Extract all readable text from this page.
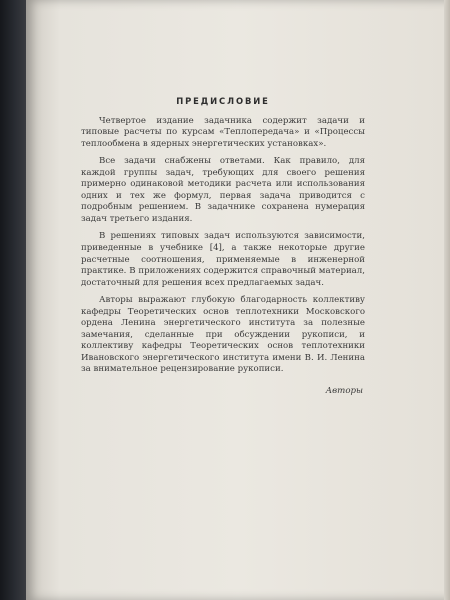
ПРЕДИСЛОВИЕ

Четвертое издание задачника содержит задачи и типовые расчеты по курсам «Теплопередача» и «Процессы теплообмена в ядерных энергетических установках».

Все задачи снабжены ответами. Как правило, для каждой группы задач, требующих для своего решения примерно одинаковой методики расчета или использования одних и тех же формул, первая задача приводится с подробным решением. В задачнике сохранена нумерация задач третьего издания.

В решениях типовых задач используются зависимости, приведенные в учебнике [4], а также некоторые другие расчетные соотношения, применяемые в инженерной практике. В приложениях содержится справочный материал, достаточный для решения всех предлагаемых задач.

Авторы выражают глубокую благодарность коллективу кафедры Теоретических основ теплотехники Московского ордена Ленина энергетического института за полезные замечания, сделанные при обсуждении рукописи, и коллективу кафедры Теоретических основ теплотехники Ивановского энергетического института имени В. И. Ленина за внимательное рецензирование рукописи.

Авторы
